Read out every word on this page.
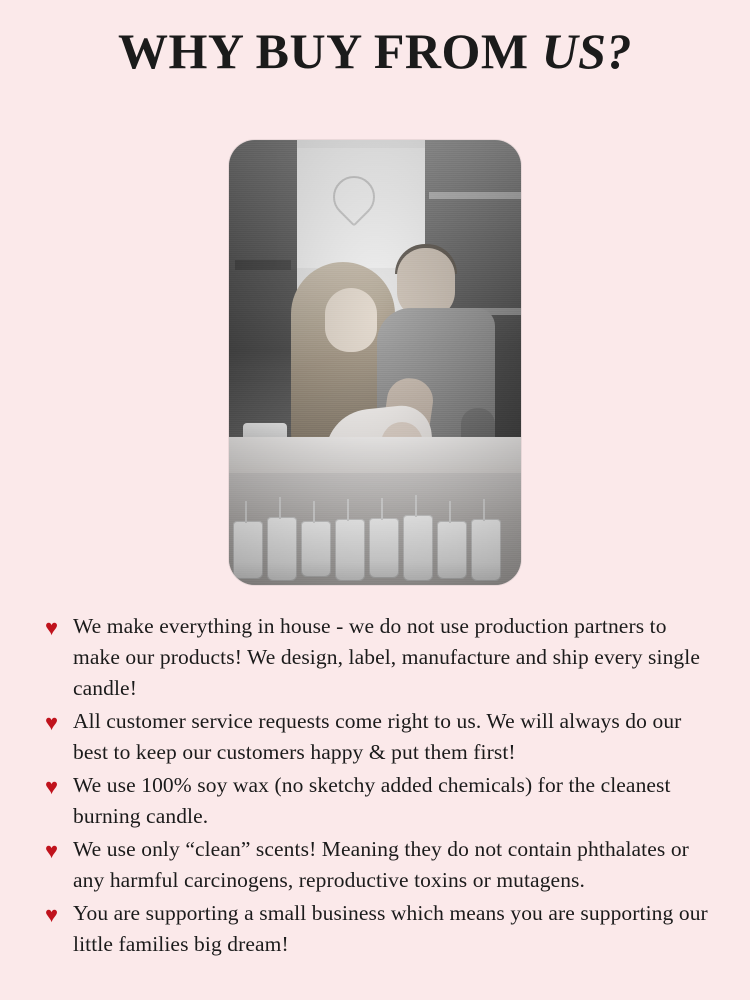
WHY BUY FROM US?
♥ We make everything in house - we do not use production partners to make our products! We design, label, manufacture and ship every single candle!
♥ All customer service requests come right to us. We will always do our best to keep our customers happy & put them first!
♥ We use 100% soy wax (no sketchy added chemicals) for the cleanest burning candle.
♥ We use only “clean” scents! Meaning they do not contain phthalates or any harmful carcinogens, reproductive toxins or mutagens.
♥ You are supporting a small business which means you are supporting our little families big dream!
